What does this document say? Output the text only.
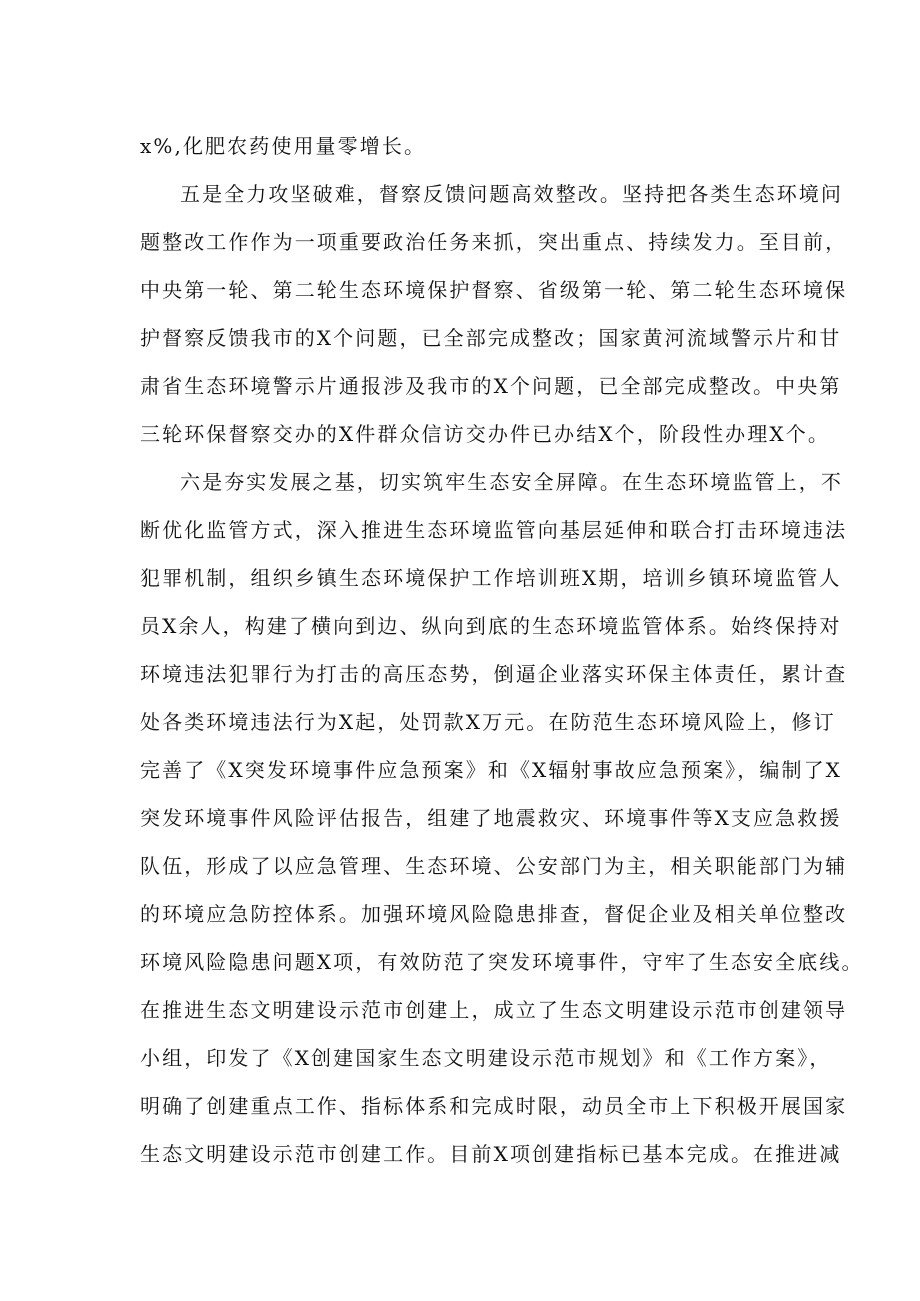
x%,化肥农药使用量零增长。
五是全力攻坚破难，督察反馈问题高效整改。坚持把各类生态环境问
题整改工作作为一项重要政治任务来抓，突出重点、持续发力。至目前，
中央第一轮、第二轮生态环境保护督察、省级第一轮、第二轮生态环境保
护督察反馈我市的X个问题，已全部完成整改；国家黄河流域警示片和甘
肃省生态环境警示片通报涉及我市的X个问题，已全部完成整改。中央第
三轮环保督察交办的X件群众信访交办件已办结X个，阶段性办理X个。
六是夯实发展之基，切实筑牢生态安全屏障。在生态环境监管上，不
断优化监管方式，深入推进生态环境监管向基层延伸和联合打击环境违法
犯罪机制，组织乡镇生态环境保护工作培训班X期，培训乡镇环境监管人
员X余人，构建了横向到边、纵向到底的生态环境监管体系。始终保持对
环境违法犯罪行为打击的高压态势，倒逼企业落实环保主体责任，累计查
处各类环境违法行为X起，处罚款X万元。在防范生态环境风险上，修订
完善了《X突发环境事件应急预案》和《X辐射事故应急预案》，编制了X
突发环境事件风险评估报告，组建了地震救灾、环境事件等X支应急救援
队伍，形成了以应急管理、生态环境、公安部门为主，相关职能部门为辅
的环境应急防控体系。加强环境风险隐患排查，督促企业及相关单位整改
环境风险隐患问题X项，有效防范了突发环境事件，守牢了生态安全底线。
在推进生态文明建设示范市创建上，成立了生态文明建设示范市创建领导
小组，印发了《X创建国家生态文明建设示范市规划》和《工作方案》，
明确了创建重点工作、指标体系和完成时限，动员全市上下积极开展国家
生态文明建设示范市创建工作。目前X项创建指标已基本完成。在推进减
